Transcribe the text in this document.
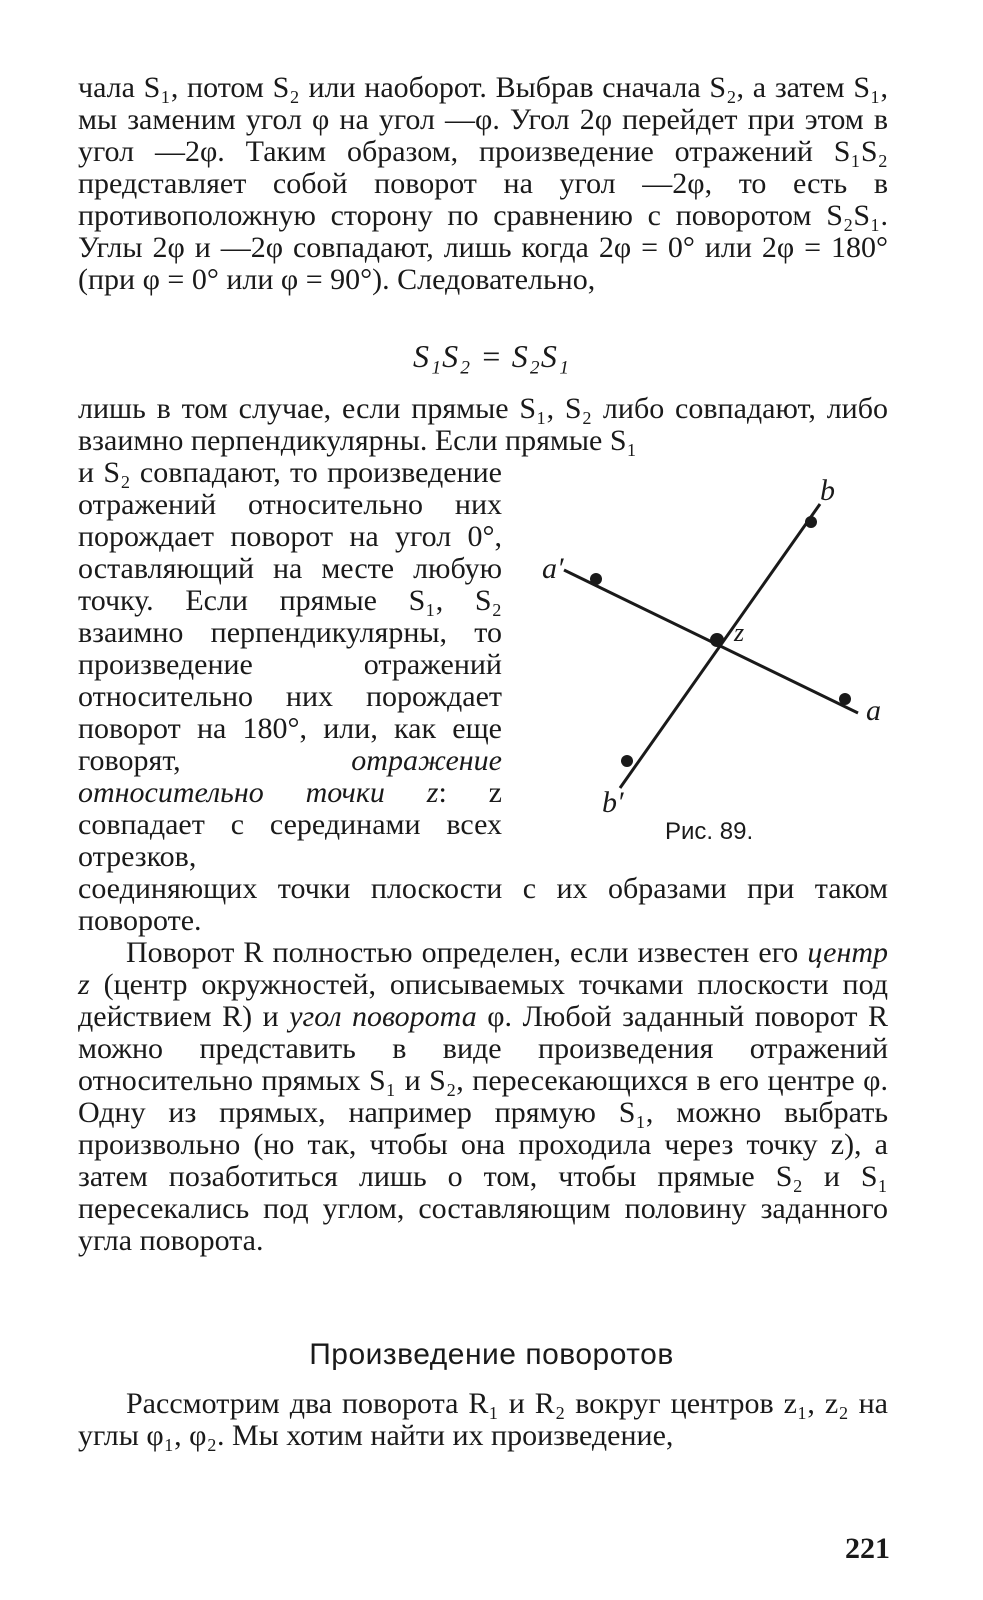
чала S₁, потом S₂ или наоборот. Выбрав сначала S₂, а затем S₁, мы заменим угол φ на угол —φ. Угол 2φ перейдет при этом в угол —2φ. Таким образом, произведение отражений S₁S₂ представляет собой поворот на угол —2φ, то есть в противоположную сторону по сравнению с поворотом S₂S₁. Углы 2φ и —2φ совпадают, лишь когда 2φ = 0° или 2φ = 180° (при φ = 0° или φ = 90°). Следовательно,

S₁S₂ = S₂S₁

лишь в том случае, если прямые S₁, S₂ либо совпадают, либо взаимно перпендикулярны. Если прямые S₁

и S₂ совпадают, то произведение отражений относительно них порождает поворот на угол 0°, оставляющий на месте любую точку. Если прямые S₁, S₂ взаимно перпендикулярны, то произведение отражений относительно них порождает поворот на 180°, или, как еще говорят, отражение относительно точки z: z совпадает с серединами всех отрезков,

b
a′
z
a
b′
Рис. 89.

соединяющих точки плоскости с их образами при таком повороте.

Поворот R полностью определен, если известен его центр z (центр окружностей, описываемых точками плоскости под действием R) и угол поворота φ. Любой заданный поворот R можно представить в виде произведения отражений относительно прямых S₁ и S₂, пересекающихся в его центре φ. Одну из прямых, например прямую S₁, можно выбрать произвольно (но так, чтобы она проходила через точку z), а затем позаботиться лишь о том, чтобы прямые S₂ и S₁ пересекались под углом, составляющим половину заданного угла поворота.

Произведение поворотов

Рассмотрим два поворота R₁ и R₂ вокруг центров z₁, z₂ на углы φ₁, φ₂. Мы хотим найти их произведение,

221
